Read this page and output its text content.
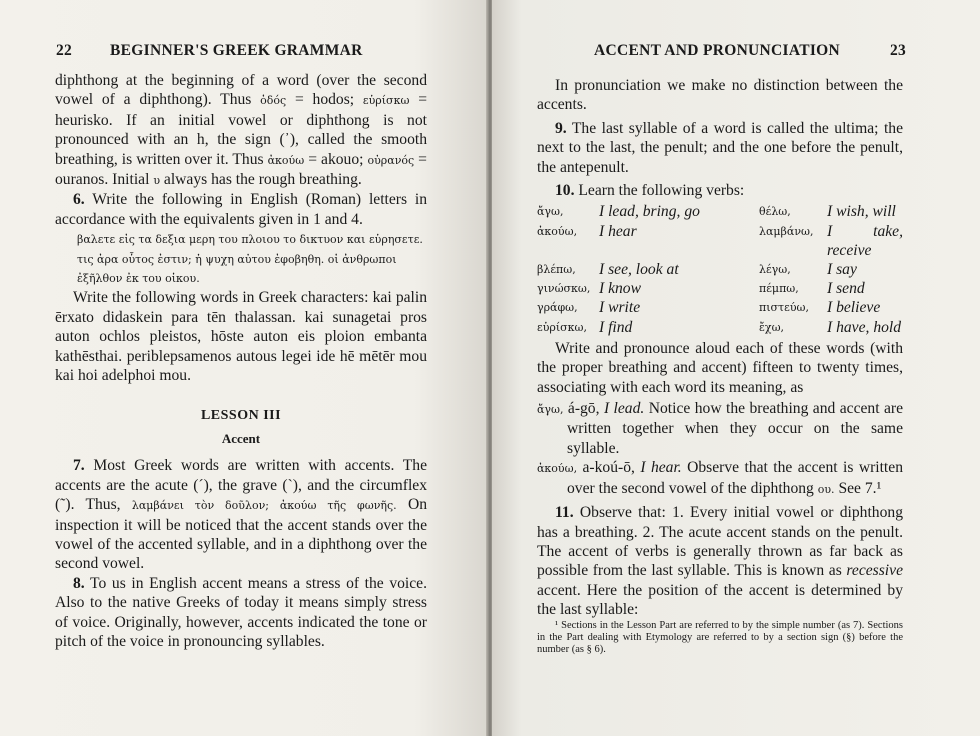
22 BEGINNER'S GREEK GRAMMAR

diphthong at the beginning of a word (over the second vowel of a diphthong). Thus ὁδός = hodos; εὑρίσκω = heurisko. If an initial vowel or diphthong is not pronounced with an h, the sign (᾿), called the smooth breathing, is written over it. Thus ἀκούω = akouo; οὐρανός = ouranos. Initial υ always has the rough breathing.

6. Write the following in English (Roman) letters in accordance with the equivalents given in 1 and 4.

βαλετε εἰς τα δεξια μερη του πλοιου το δικτυον και εὑρησετε. τις ἀρα οὗτος ἐστιν; ἡ ψυχη αὐτου ἐφοβηθη. οἱ ἀνθρωποι ἐξῆλθον ἐκ του οἰκου.

Write the following words in Greek characters: kai palin ērxato didaskein para tēn thalassan. kai sunagetai pros auton ochlos pleistos, hōste auton eis ploion embanta kathēsthai. periblepsamenos autous legei ide hē mētēr mou kai hoi adelphoi mou.

LESSON III
Accent

7. Most Greek words are written with accents. The accents are the acute (´), the grave (`), and the circumflex (῀). Thus, λαμβάνει τὸν δοῦλον; ἀκούω τῆς φωνῆς. On inspection it will be noticed that the accent stands over the vowel of the accented syllable, and in a diphthong over the second vowel.

8. To us in English accent means a stress of the voice. Also to the native Greeks of today it means simply stress of voice. Originally, however, accents indicated the tone or pitch of the voice in pronouncing syllables.

ACCENT AND PRONUNCIATION	23

In pronunciation we make no distinction between the accents.

9. The last syllable of a word is called the ultima; the next to the last, the penult; and the one before the penult, the antepenult.

10. Learn the following verbs:

ἄγω,	I lead, bring, go	θέλω,	I wish, will
ἀκούω,	I hear	λαμβάνω, I take, receive
βλέπω,	I see, look at	λέγω,	I say
γινώσκω, I know	πέμπω,	I send
γράφω,	I write	πιστεύω,	I believe
εὑρίσκω, I find	ἔχω,	I have, hold

Write and pronounce aloud each of these words (with the proper breathing and accent) fifteen to twenty times, associating with each word its meaning, as

ἄγω, á-gō, I lead. Notice how the breathing and accent are written together when they occur on the same syllable.

ἀκούω, a-koú-ō, I hear. Observe that the accent is written over the second vowel of the diphthong ου. See 7.¹

11. Observe that: 1. Every initial vowel or diphthong has a breathing. 2. The acute accent stands on the penult. The accent of verbs is generally thrown as far back as possible from the last syllable. This is known as recessive accent. Here the position of the accent is determined by the last syllable:

¹ Sections in the Lesson Part are referred to by the simple number (as 7). Sections in the Part dealing with Etymology are referred to by a section sign (§) before the number (as § 6).
